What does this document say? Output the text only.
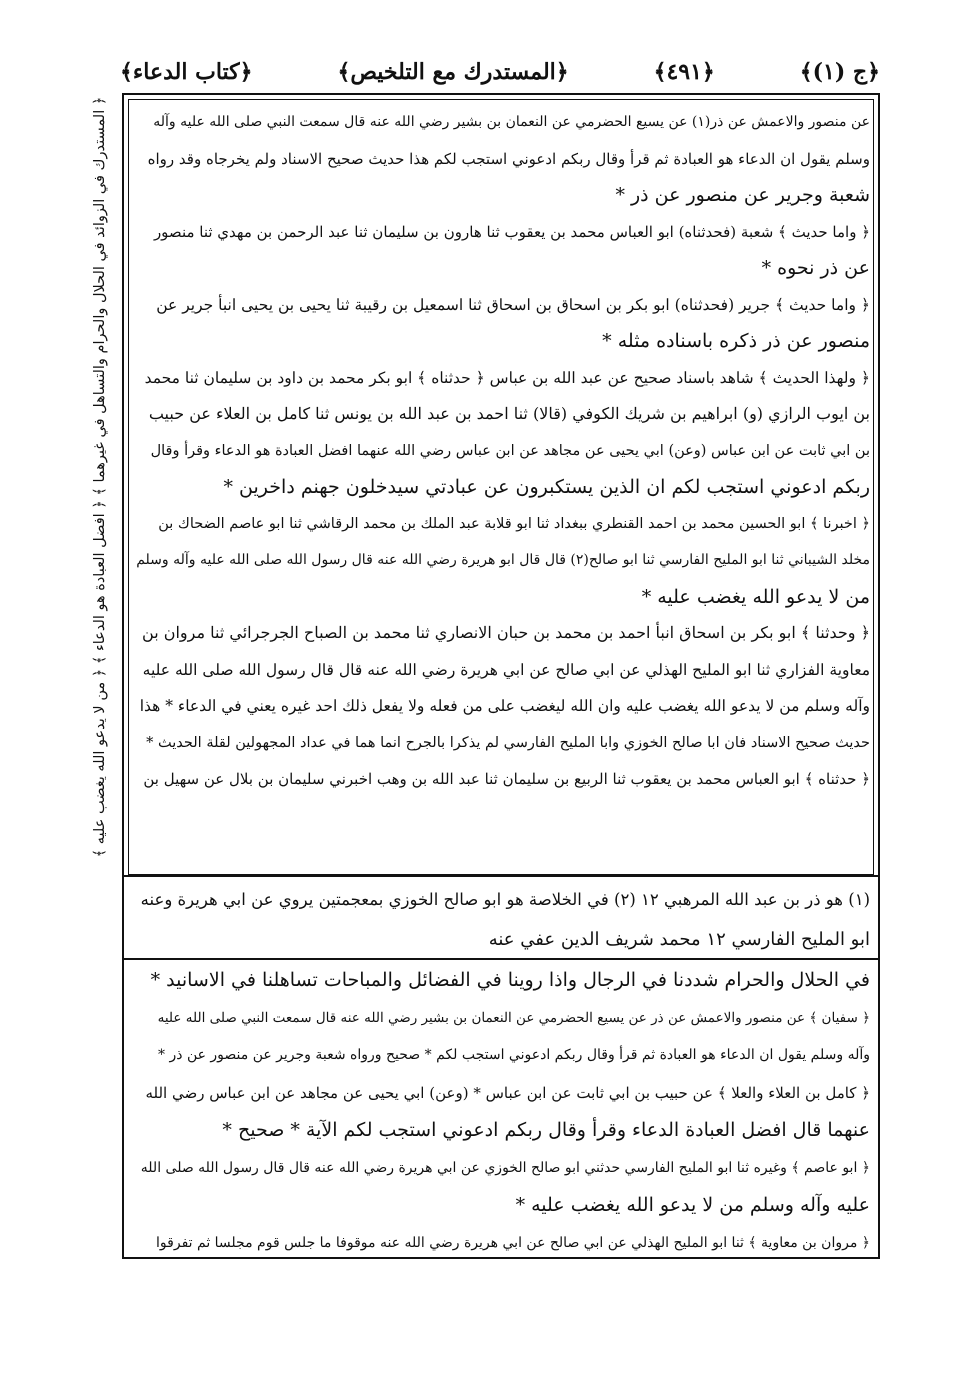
﴿ج (١)﴾
﴿٤٩١﴾
﴿المستدرك مع التلخيص﴾
﴿كتاب الدعاء﴾
﴿ المستدرك في الزوائد في الحلال والحرام والتساهل في غيرهما ﴾ ﴿ افضل العبادة هو الدعاء ﴾ ﴿ من لا يدعو الله يغضب عليه ﴾	عن منصور والاعمش عن ذر(١) عن يسيع الحضرمي عن النعمان بن بشير رضي الله عنه قال سمعت النبي صلى الله عليه وآله
وسلم يقول ان الدعاء هو العبادة ثم قرأ وقال ربكم ادعوني استجب لكم هذا حديث صحيح الاسناد ولم يخرجاه وقد رواه
شعبة وجرير عن منصور عن ذر *
﴿ واما حديث ﴾ شعبة (فحدثناه) ابو العباس محمد بن يعقوب ثنا هارون بن سليمان ثنا عبد الرحمن بن مهدي ثنا منصور
عن ذر نحوه *
﴿ واما حديث ﴾ جرير (فحدثناه) ابو بكر بن اسحاق بن اسحاق ثنا اسمعيل بن رقيبة ثنا يحيى بن يحيى انبأ جرير عن
منصور عن ذر ذكره باسناده مثله *
﴿ ولهذا الحديث ﴾ شاهد باسناد صحيح عن عبد الله بن عباس ﴿ حدثناه ﴾ ابو بكر محمد بن داود بن سليمان ثنا محمد
بن ايوب الرازي (و) ابراهيم بن شريك الكوفي (قالا) ثنا احمد بن عبد الله بن يونس ثنا كامل بن العلاء عن حبيب
بن ابي ثابت عن ابن عباس (وعن) ابي يحيى عن مجاهد عن ابن عباس رضي الله عنهما افضل العبادة هو الدعاء وقرأ وقال
ربكم ادعوني استجب لكم ان الذين يستكبرون عن عبادتي سيدخلون جهنم داخرين *
﴿ اخبرنا ﴾ ابو الحسين محمد بن احمد القنطري ببغداد ثنا ابو قلابة عبد الملك بن محمد الرقاشي ثنا ابو عاصم الضحاك بن
مخلد الشيباني ثنا ابو المليح الفارسي ثنا ابو صالح(٢) قال قال ابو هريرة رضي الله عنه قال رسول الله صلى الله عليه وآله وسلم
من لا يدعو الله يغضب عليه *
﴿ وحدثنا ﴾ ابو بكر بن اسحاق انبأ احمد بن محمد بن حبان الانصاري ثنا محمد بن الصباح الجرجرائي ثنا مروان بن
معاوية الفزاري ثنا ابو المليح الهذلي عن ابي صالح عن ابي هريرة رضي الله عنه قال قال رسول الله صلى الله عليه
وآله وسلم من لا يدعو الله يغضب عليه وان الله ليغضب على من فعله ولا يفعل ذلك احد غيره يعني في الدعاء * هذا
حديث صحيح الاسناد فان ابا صالح الخوزي وابا المليح الفارسي لم يذكرا بالجرح انما هما في عداد المجهولين لقلة الحديث *
﴿ حدثناه ﴾ ابو العباس محمد بن يعقوب ثنا الربيع بن سليمان ثنا عبد الله بن وهب اخبرني سليمان بن بلال عن سهيل بن
(١) هو ذر بن عبد الله المرهبي ١٢ (٢) في الخلاصة هو ابو صالح الخوزي بمعجمتين يروي عن ابي هريرة وعنه
ابو المليح الفارسي ١٢ محمد شريف الدين عفي عنه
في الحلال والحرام شددنا في الرجال واذا روينا في الفضائل والمباحات تساهلنا في الاسانيد *
﴿ سفيان ﴾ عن منصور والاعمش عن ذر عن يسيع الحضرمي عن النعمان بن بشير رضي الله عنه قال سمعت النبي صلى الله عليه
وآله وسلم يقول ان الدعاء هو العبادة ثم قرأ وقال ربكم ادعوني استجب لكم * صحيح ورواه شعبة وجرير عن منصور عن ذر *
﴿ كامل بن العلاء والعلا ﴾ عن حبيب بن ابي ثابت عن ابن عباس * (وعن) ابي يحيى عن مجاهد عن ابن عباس رضي الله
عنهما قال افضل العبادة الدعاء وقرأ وقال ربكم ادعوني استجب لكم الآية * صحيح *
﴿ ابو عاصم ﴾ وغيره ثنا ابو المليح الفارسي حدثني ابو صالح الخوزي عن ابي هريرة رضي الله عنه قال قال رسول الله صلى الله
عليه وآله وسلم من لا يدعو الله يغضب عليه *
﴿ مروان بن معاوية ﴾ ثنا ابو المليح الهذلي عن ابي صالح عن ابي هريرة رضي الله عنه موقوفا ما جلس قوم مجلسا ثم تفرقوا
